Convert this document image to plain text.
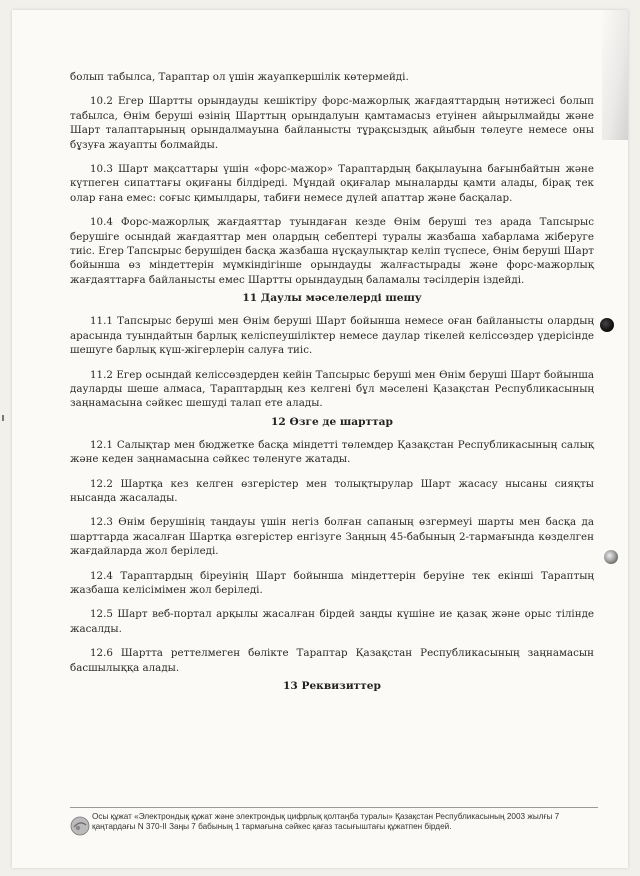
болып табылса, Тараптар ол үшін жауапкершілік көтермейді.

10.2 Егер Шартты орындауды кешіктіру форс-мажорлық жағдаяттардың нәтижесі болып табылса, Өнім беруші өзінің Шарттың орындалуын қамтамасыз етуінен айырылмайды және Шарт талаптарының орындалмауына байланысты тұрақсыздық айыбын төлеуге немесе оны бұзуға жауапты болмайды.

10.3 Шарт мақсаттары үшін «форс-мажор» Тараптардың бақылауына бағынбайтын және күтпеген сипаттағы оқиғаны білдіреді. Мұндай оқиғалар мыналарды қамти алады, бірақ тек олар ғана емес: соғыс қимылдары, табиғи немесе дүлей апаттар және басқалар.

10.4 Форс-мажорлық жағдаяттар туындаған кезде Өнім беруші тез арада Тапсырыс берушіге осындай жағдаяттар мен олардың себептері туралы жазбаша хабарлама жіберуге тиіс. Егер Тапсырыс берушіден басқа жазбаша нұсқаулықтар келіп түспесе, Өнім беруші Шарт бойынша өз міндеттерін мүмкіндігінше орындауды жалғастырады және форс-мажорлық жағдаяттарға байланысты емес Шартты орындаудың баламалы тәсілдерін іздейді.

11 Даулы мәселелерді шешу

11.1 Тапсырыс беруші мен Өнім беруші Шарт бойынша немесе оған байланысты олардың арасында туындайтын барлық келіспеушіліктер немесе даулар тікелей келіссөздер үдерісінде шешуге барлық күш-жігерлерін салуға тиіс.

11.2 Егер осындай келіссөздерден кейін Тапсырыс беруші мен Өнім беруші Шарт бойынша дауларды шеше алмаса, Тараптардың кез келгені бұл мәселені Қазақстан Республикасының заңнамасына сәйкес шешуді талап ете алады.

12 Өзге де шарттар

12.1 Салықтар мен бюджетке басқа міндетті төлемдер Қазақстан Республикасының салық және кеден заңнамасына сәйкес төленуге жатады.

12.2 Шартқа кез келген өзгерістер мен толықтырулар Шарт жасасу нысаны сияқты нысанда жасалады.

12.3 Өнім берушінің таңдауы үшін негіз болған сапаның өзгермеуі шарты мен басқа да шарттарда жасалған Шартқа өзгерістер енгізуге Заңның 45-бабының 2-тармағында көзделген жағдайларда жол беріледі.

12.4 Тараптардың біреуінің Шарт бойынша міндеттерін беруіне тек екінші Тараптың жазбаша келісімімен жол беріледі.

12.5 Шарт веб-портал арқылы жасалған бірдей заңды күшіне ие қазақ және орыс тілінде жасалды.

12.6 Шартта реттелмеген бөлікте Тараптар Қазақстан Республикасының заңнамасын басшылыққа алады.

13 Реквизиттер
Осы құжат «Электрондық құжат және электрондық цифрлық қолтаңба туралы» Қазақстан Республикасының 2003 жылғы 7 қаңтардағы N 370-II Заңы 7 бабының 1 тармағына сәйкес қағаз тасығыштағы құжатпен бірдей.
